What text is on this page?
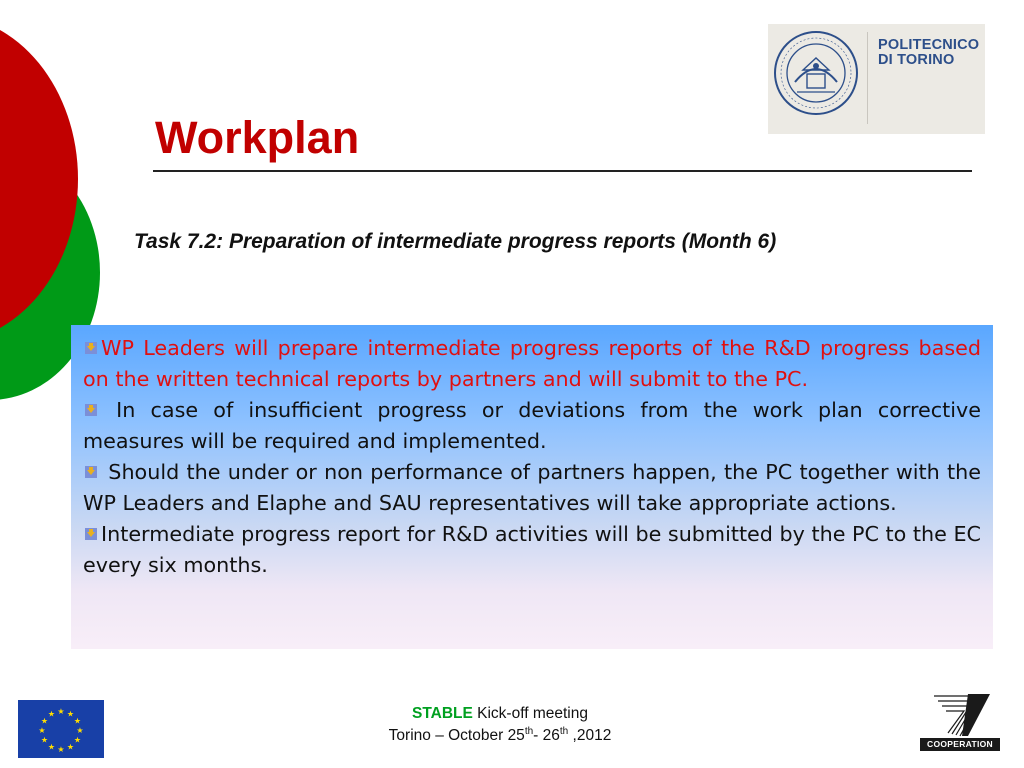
POLITECNICO
DI TORINO
Workplan

Task 7.2: Preparation of intermediate progress reports (Month 6)

WP Leaders will prepare intermediate progress reports of the R&D progress based on the written technical reports by partners and will submit to the PC.
In case of insufficient progress or deviations from the work plan corrective measures will be required and implemented.
Should the under or non performance of partners happen, the PC together with the WP Leaders and Elaphe and SAU representatives will take appropriate actions.
Intermediate progress report for R&D activities will be submitted by the PC to the EC every six months.
★ ★
★
★
★
★
★
★
★
★
★
★	STABLE Kick-off meeting
Torino – October 25th- 26th ,2012	COOPERATION
